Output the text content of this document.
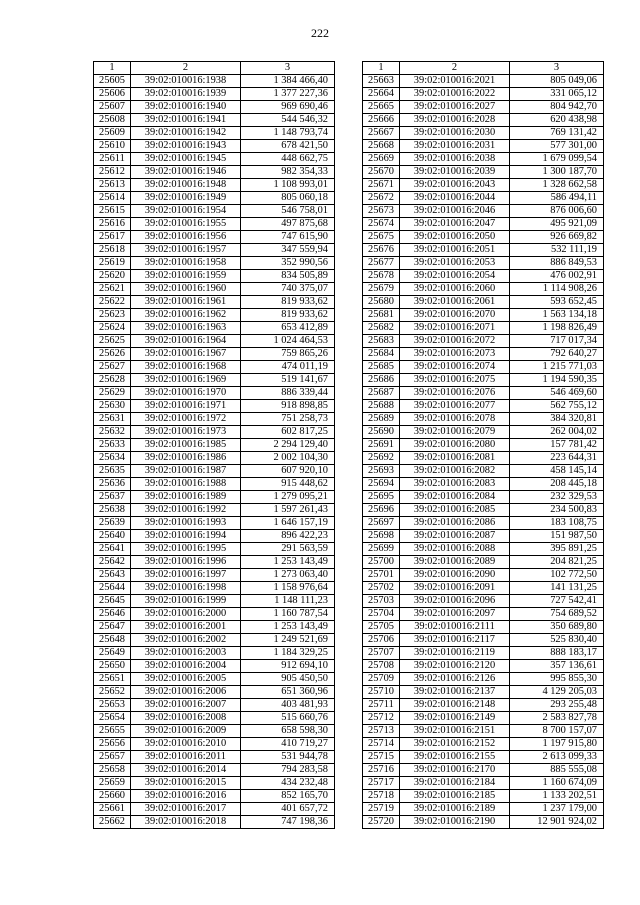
222
1	2	3
25605	39:02:010016:1938	1 384 466,40
25606	39:02:010016:1939	1 377 227,36
25607	39:02:010016:1940	969 690,46
25608	39:02:010016:1941	544 546,32
25609	39:02:010016:1942	1 148 793,74
25610	39:02:010016:1943	678 421,50
25611	39:02:010016:1945	448 662,75
25612	39:02:010016:1946	982 354,33
25613	39:02:010016:1948	1 108 993,01
25614	39:02:010016:1949	805 060,18
25615	39:02:010016:1954	546 758,01
25616	39:02:010016:1955	497 875,68
25617	39:02:010016:1956	747 615,90
25618	39:02:010016:1957	347 559,94
25619	39:02:010016:1958	352 990,56
25620	39:02:010016:1959	834 505,89
25621	39:02:010016:1960	740 375,07
25622	39:02:010016:1961	819 933,62
25623	39:02:010016:1962	819 933,62
25624	39:02:010016:1963	653 412,89
25625	39:02:010016:1964	1 024 464,53
25626	39:02:010016:1967	759 865,26
25627	39:02:010016:1968	474 011,19
25628	39:02:010016:1969	519 141,67
25629	39:02:010016:1970	886 339,44
25630	39:02:010016:1971	918 898,85
25631	39:02:010016:1972	751 258,73
25632	39:02:010016:1973	602 817,25
25633	39:02:010016:1985	2 294 129,40
25634	39:02:010016:1986	2 002 104,30
25635	39:02:010016:1987	607 920,10
25636	39:02:010016:1988	915 448,62
25637	39:02:010016:1989	1 279 095,21
25638	39:02:010016:1992	1 597 261,43
25639	39:02:010016:1993	1 646 157,19
25640	39:02:010016:1994	896 422,23
25641	39:02:010016:1995	291 563,59
25642	39:02:010016:1996	1 253 143,49
25643	39:02:010016:1997	1 273 063,40
25644	39:02:010016:1998	1 158 976,64
25645	39:02:010016:1999	1 148 111,23
25646	39:02:010016:2000	1 160 787,54
25647	39:02:010016:2001	1 253 143,49
25648	39:02:010016:2002	1 249 521,69
25649	39:02:010016:2003	1 184 329,25
25650	39:02:010016:2004	912 694,10
25651	39:02:010016:2005	905 450,50
25652	39:02:010016:2006	651 360,96
25653	39:02:010016:2007	403 481,93
25654	39:02:010016:2008	515 660,76
25655	39:02:010016:2009	658 598,30
25656	39:02:010016:2010	410 719,27
25657	39:02:010016:2011	531 944,78
25658	39:02:010016:2014	794 283,58
25659	39:02:010016:2015	434 232,48
25660	39:02:010016:2016	852 165,70
25661	39:02:010016:2017	401 657,72
25662	39:02:010016:2018	747 198,36
1	2	3
25663	39:02:010016:2021	805 049,06
25664	39:02:010016:2022	331 065,12
25665	39:02:010016:2027	804 942,70
25666	39:02:010016:2028	620 438,98
25667	39:02:010016:2030	769 131,42
25668	39:02:010016:2031	577 301,00
25669	39:02:010016:2038	1 679 099,54
25670	39:02:010016:2039	1 300 187,70
25671	39:02:010016:2043	1 328 662,58
25672	39:02:010016:2044	586 494,11
25673	39:02:010016:2046	876 006,60
25674	39:02:010016:2047	495 921,09
25675	39:02:010016:2050	926 669,82
25676	39:02:010016:2051	532 111,19
25677	39:02:010016:2053	886 849,53
25678	39:02:010016:2054	476 002,91
25679	39:02:010016:2060	1 114 908,26
25680	39:02:010016:2061	593 652,45
25681	39:02:010016:2070	1 563 134,18
25682	39:02:010016:2071	1 198 826,49
25683	39:02:010016:2072	717 017,34
25684	39:02:010016:2073	792 640,27
25685	39:02:010016:2074	1 215 771,03
25686	39:02:010016:2075	1 194 590,35
25687	39:02:010016:2076	546 469,60
25688	39:02:010016:2077	562 755,12
25689	39:02:010016:2078	384 320,81
25690	39:02:010016:2079	262 004,02
25691	39:02:010016:2080	157 781,42
25692	39:02:010016:2081	223 644,31
25693	39:02:010016:2082	458 145,14
25694	39:02:010016:2083	208 445,18
25695	39:02:010016:2084	232 329,53
25696	39:02:010016:2085	234 500,83
25697	39:02:010016:2086	183 108,75
25698	39:02:010016:2087	151 987,50
25699	39:02:010016:2088	395 891,25
25700	39:02:010016:2089	204 821,25
25701	39:02:010016:2090	102 772,50
25702	39:02:010016:2091	141 131,25
25703	39:02:010016:2096	727 542,41
25704	39:02:010016:2097	754 689,52
25705	39:02:010016:2111	350 689,80
25706	39:02:010016:2117	525 830,40
25707	39:02:010016:2119	888 183,17
25708	39:02:010016:2120	357 136,61
25709	39:02:010016:2126	995 855,30
25710	39:02:010016:2137	4 129 205,03
25711	39:02:010016:2148	293 255,48
25712	39:02:010016:2149	2 583 827,78
25713	39:02:010016:2151	8 700 157,07
25714	39:02:010016:2152	1 197 915,80
25715	39:02:010016:2155	2 613 099,33
25716	39:02:010016:2170	885 555,08
25717	39:02:010016:2184	1 160 674,09
25718	39:02:010016:2185	1 133 202,51
25719	39:02:010016:2189	1 237 179,00
25720	39:02:010016:2190	12 901 924,02
